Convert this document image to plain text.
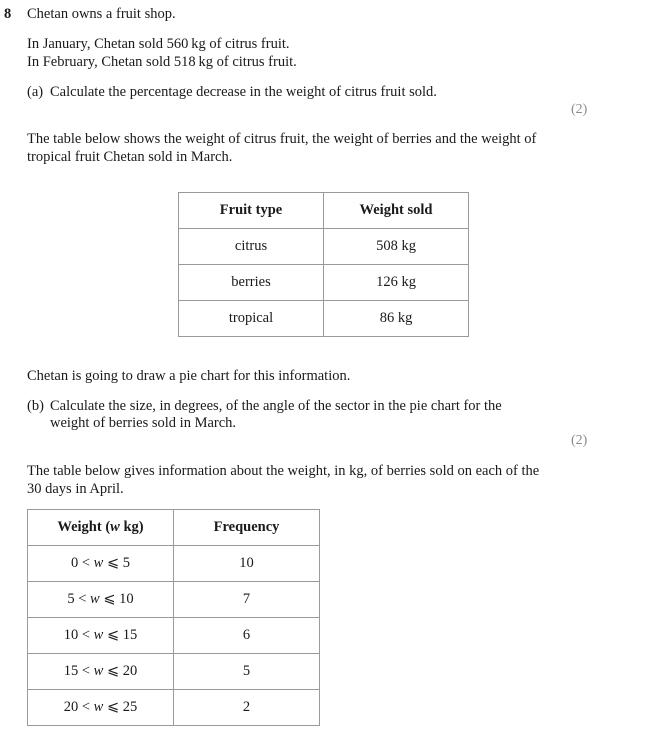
8 Chetan owns a fruit shop.
In January, Chetan sold 560 kg of citrus fruit.
In February, Chetan sold 518 kg of citrus fruit.
(a) Calculate the percentage decrease in the weight of citrus fruit sold.
(2)
The table below shows the weight of citrus fruit, the weight of berries and the weight of
tropical fruit Chetan sold in March.
Fruit type	Weight sold
citrus	508 kg
berries	126 kg
tropical	86 kg
Chetan is going to draw a pie chart for this information.
(b) Calculate the size, in degrees, of the angle of the sector in the pie chart for the
weight of berries sold in March.
(2)
The table below gives information about the weight, in kg, of berries sold on each of the
30 days in April.
Weight (w kg)	Frequency
0 < w ⩽ 5	10
5 < w ⩽ 10	7
10 < w ⩽ 15	6
15 < w ⩽ 20	5
20 < w ⩽ 25	2
